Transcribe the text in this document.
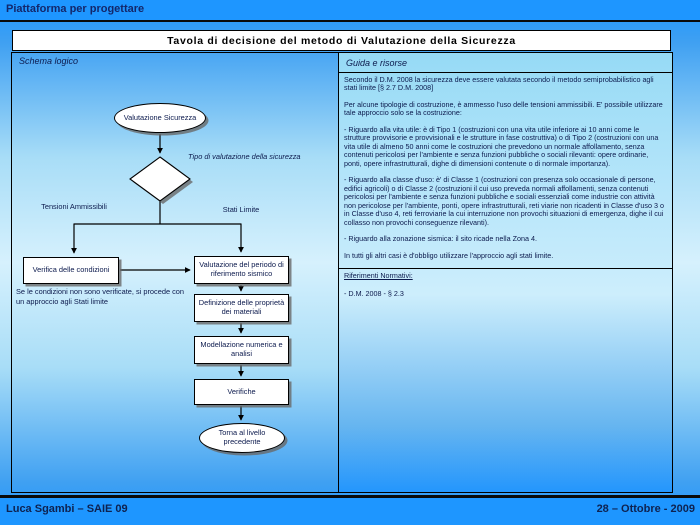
Piattaforma per progettare
Tavola di decisione del metodo di Valutazione della Sicurezza
Schema logico
Valutazione Sicurezza
Tipo di valutazione della sicurezza
Tensioni Ammissibili	Stati Limite
Verifica delle condizioni
Valutazione del periodo di riferimento sismico
Definizione delle proprietà dei materiali
Modellazione numerica e analisi
Verifiche
Torna al livello precedente
Se le condizioni non sono verificate, si procede con un approccio agli Stati limite
Guida e risorse

Secondo il D.M. 2008 la sicurezza deve essere valutata secondo il metodo semiprobabilistico agli stati limite [§ 2.7 D.M. 2008]

Per alcune tipologie di costruzione, è ammesso l'uso delle tensioni ammissibili. E' possibile utilizzare tale approccio solo se la costruzione:

- Riguardo alla vita utile: è di Tipo 1 (costruzioni con una vita utile inferiore ai 10 anni come le strutture provvisorie e provvisionali e le strutture in fase costruttiva) o di Tipo 2 (costruzioni con una vita utile di almeno 50 anni come le costruzioni che prevedono un normale affollamento, senza contenuti pericolosi per l'ambiente e senza funzioni pubbliche o sociali rilevanti: opere ordinarie, ponti, opere infrastrutturali, dighe di dimensioni contenute o di normale importanza).

- Riguardo alla classe d'uso: è' di Classe 1 (costruzioni con presenza solo occasionale di persone, edifici agricoli) o di Classe 2 (costruzioni il cui uso preveda normali affollamenti, senza contenuti pericolosi per l'ambiente e senza funzioni pubbliche e sociali essenziali come industrie con attività non pericolose per l'ambiente, ponti, opere infrastrutturali, reti viarie non ricadenti in Classe d'uso 3 o in Classe d'uso 4, reti ferroviarie la cui interruzione non provochi situazioni di emergenza, dighe il cui collasso non provochi conseguenze rilevanti).

- Riguardo alla zonazione sismica: il sito ricade nella Zona 4.

In tutti gli altri casi è d'obbligo utilizzare l'approccio agli stati limite.

Riferimenti Normativi:

- D.M. 2008 - § 2.3

Luca Sgambi – SAIE 09	28 – Ottobre - 2009
